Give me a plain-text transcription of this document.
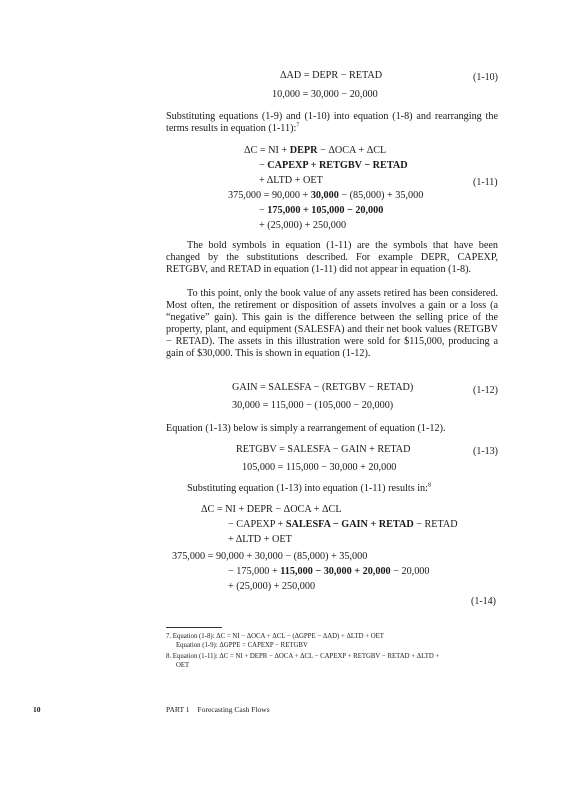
ΔAD = DEPR − RETAD	(1-10)
10,000 = 30,000 − 20,000
Substituting equations (1-9) and (1-10) into equation (1-8) and rearranging the terms results in equation (1-11):$^7$
ΔC = NI + DEPR − ΔOCA + ΔCL
− CAPEXP + RETGBV − RETAD
+ ΔLTD + OET	(1-11)
375,000 = 90,000 + 30,000 − (85,000) + 35,000
− 175,000 + 105,000 − 20,000
+ (25,000) + 250,000
The bold symbols in equation (1-11) are the symbols that have been changed by the substitutions described. For example DEPR, CAPEXP, RETGBV, and RETAD in equation (1-11) did not appear in equation (1-8).
To this point, only the book value of any assets retired has been considered. Most often, the retirement or disposition of assets involves a gain or a loss (a “negative” gain). This gain is the difference between the selling price of the property, plant, and equipment (SALESFA) and their net book values (RETGBV − RETAD). The assets in this illustration were sold for $115,000, producing a gain of $30,000. This is shown in equation (1-12).
GAIN = SALESFA − (RETGBV − RETAD)	(1-12)
30,000 = 115,000 − (105,000 − 20,000)
Equation (1-13) below is simply a rearrangement of equation (1-12).
RETGBV = SALESFA − GAIN + RETAD	(1-13)
105,000 = 115,000 − 30,000 + 20,000
Substituting equation (1-13) into equation (1-11) results in:$^8$
ΔC = NI + DEPR − ΔOCA + ΔCL
− CAPEXP + SALESFA − GAIN + RETAD − RETAD
+ ΔLTD + OET
375,000 = 90,000 + 30,000 − (85,000) + 35,000
− 175,000 + 115,000 − 30,000 + 20,000 − 20,000
+ (25,000) + 250,000
(1-14)
7. Equation (1-8): ΔC = NI − ΔOCA + ΔCL − (ΔGPPE − ΔAD) + ΔLTD + OET
Equation (1-9): ΔGPPE = CAPEXP − RETGBV
8. Equation (1-11): ΔC = NI + DEPR − ΔOCA + ΔCL − CAPEXP + RETGBV − RETAD + ΔLTD +
OET
10	PART 1 Forecasting Cash Flows
